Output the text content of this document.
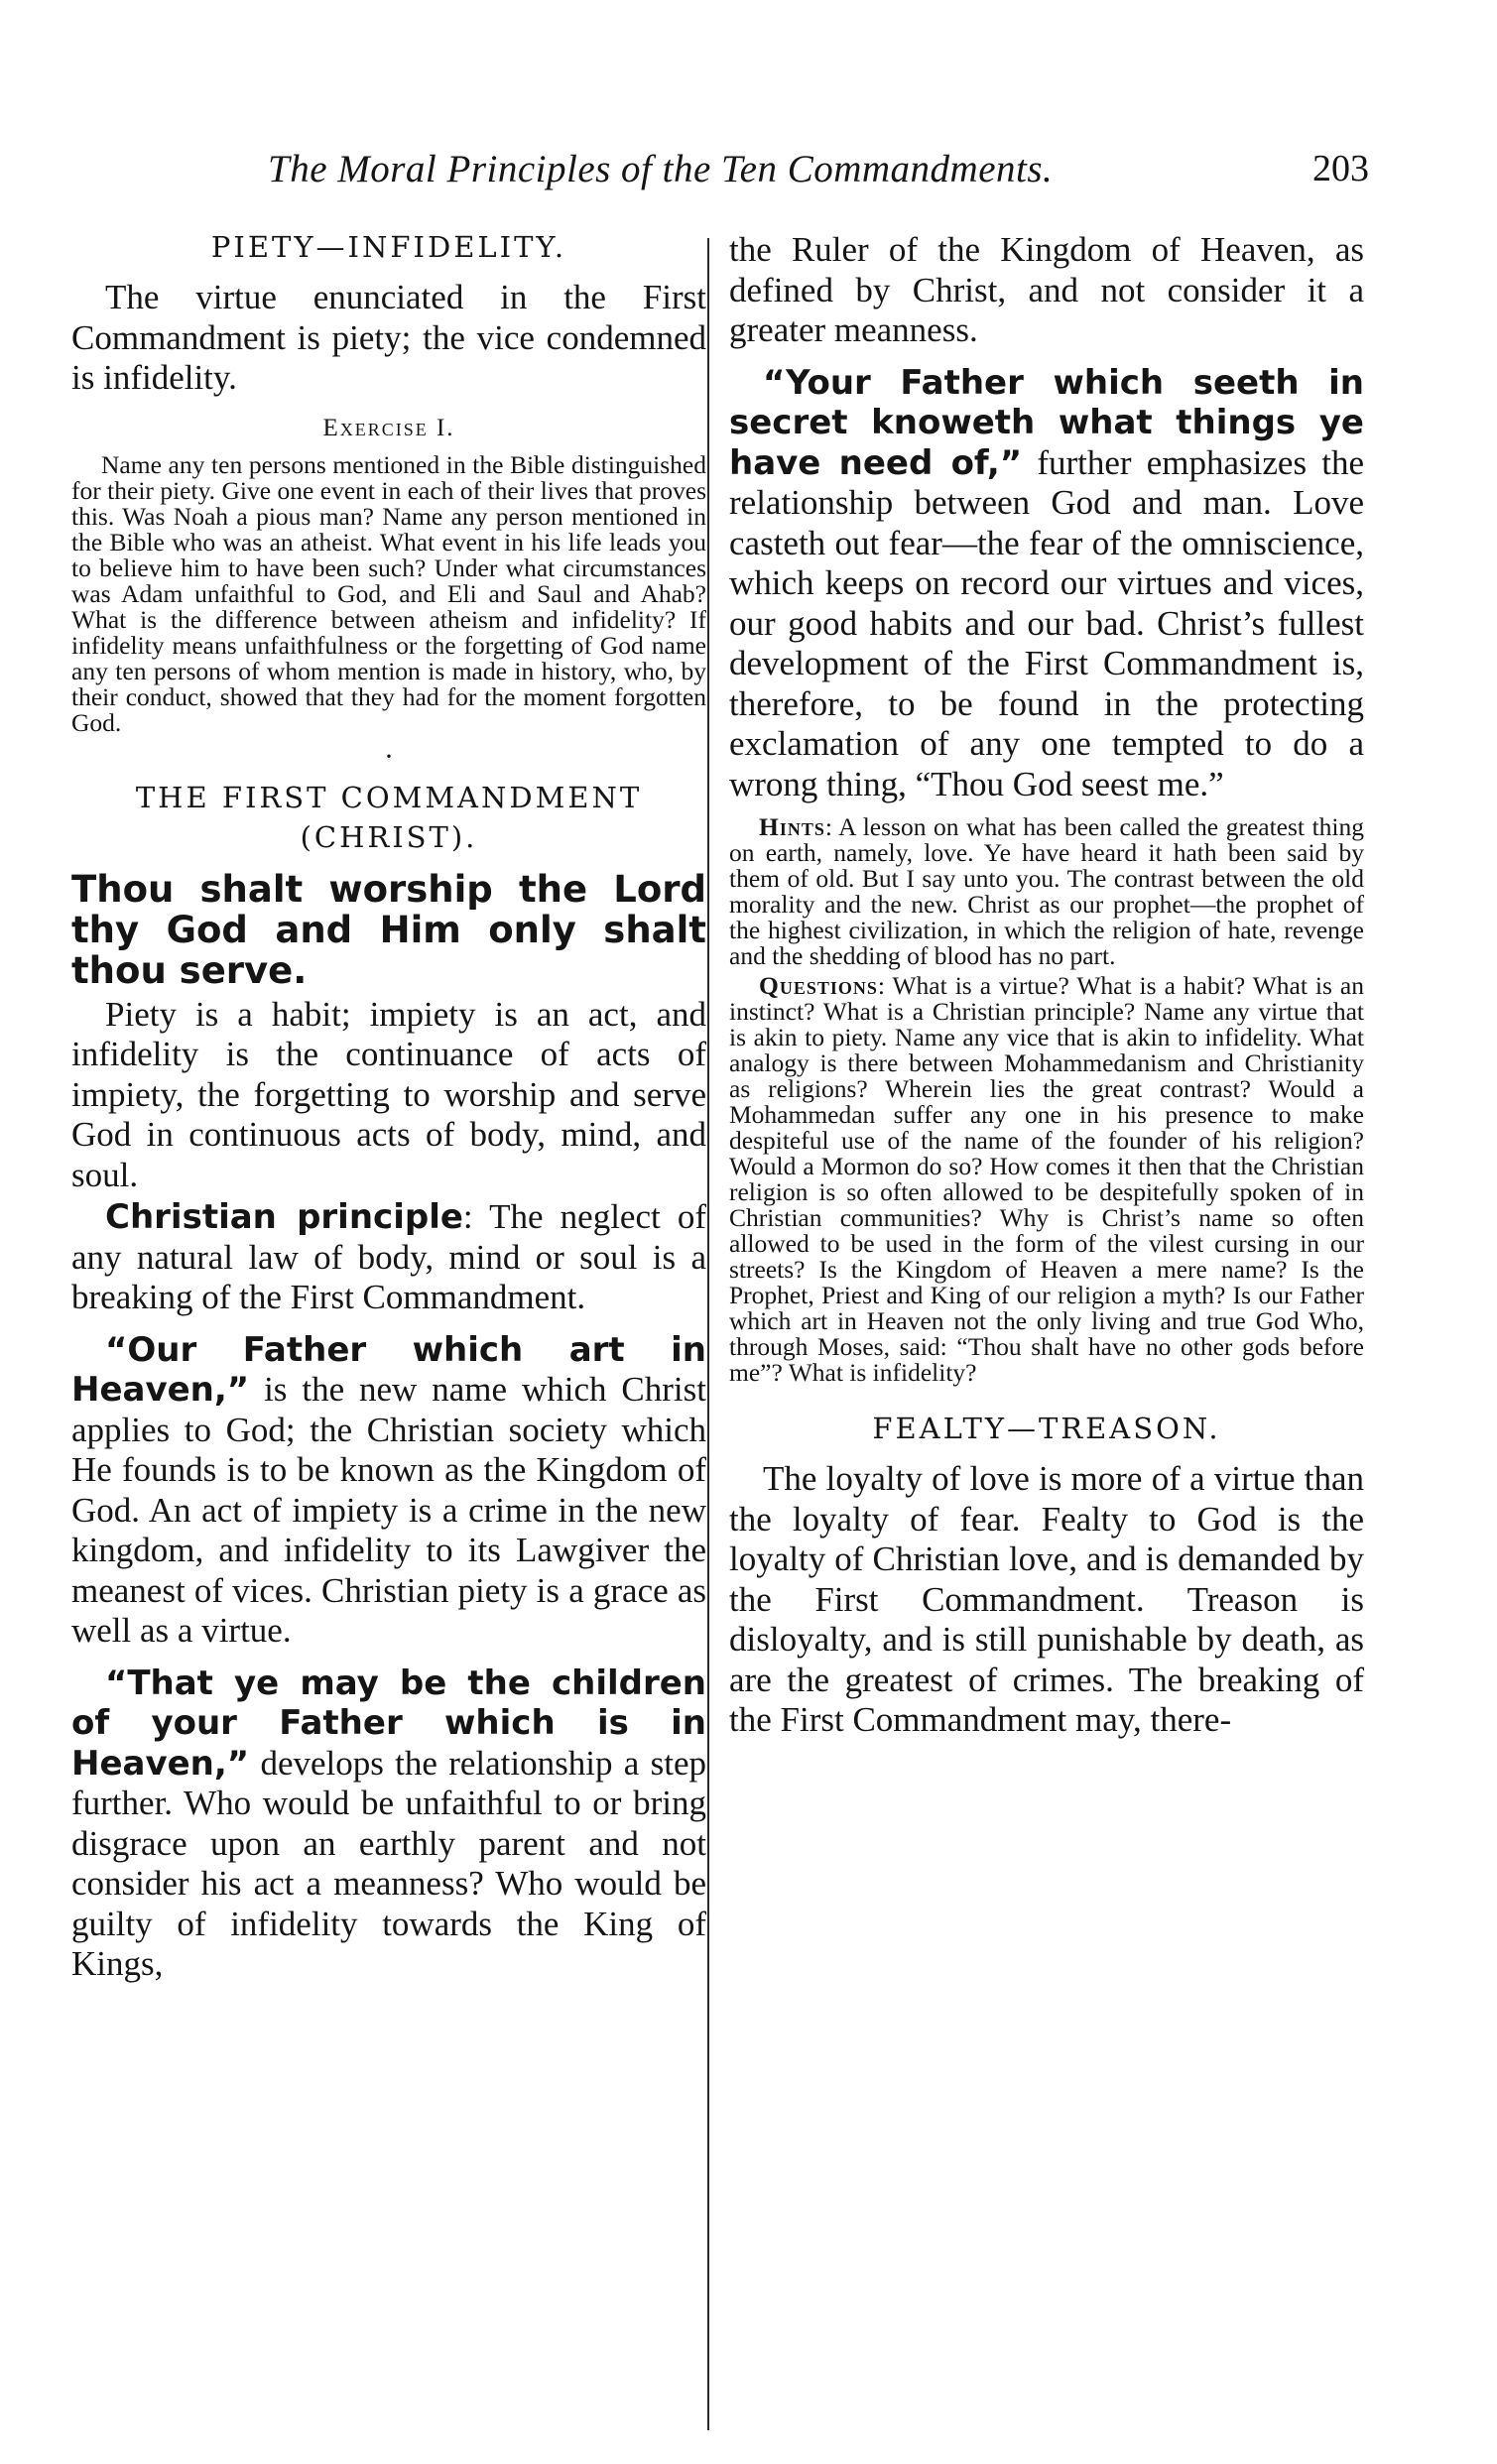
The Moral Principles of the Ten Commandments.	203
PIETY—INFIDELITY.

The virtue enunciated in the First Commandment is piety; the vice condemned is infidelity.

Exercise I.

Name any ten persons mentioned in the Bible distinguished for their piety. Give one event in each of their lives that proves this. Was Noah a pious man? Name any person mentioned in the Bible who was an atheist. What event in his life leads you to believe him to have been such? Under what circumstances was Adam unfaithful to God, and Eli and Saul and Ahab? What is the difference between atheism and infidelity? If infidelity means unfaithfulness or the forgetting of God name any ten persons of whom mention is made in history, who, by their conduct, showed that they had for the moment forgotten God.

·
THE FIRST COMMANDMENT (CHRIST).

Thou shalt worship the Lord thy God and Him only shalt thou serve.

Piety is a habit; impiety is an act, and infidelity is the continuance of acts of impiety, the forgetting to worship and serve God in continuous acts of body, mind, and soul.

Christian principle: The neglect of any natural law of body, mind or soul is a breaking of the First Commandment.

“Our Father which art in Heaven,” is the new name which Christ applies to God; the Christian society which He founds is to be known as the Kingdom of God. An act of impiety is a crime in the new kingdom, and infidelity to its Lawgiver the meanest of vices. Christian piety is a grace as well as a virtue.

“That ye may be the children of your Father which is in Heaven,” develops the relationship a step further. Who would be unfaithful to or bring disgrace upon an earthly parent and not consider his act a meanness? Who would be guilty of infidelity towards the King of Kings,

the Ruler of the Kingdom of Heaven, as defined by Christ, and not consider it a greater meanness.

“Your Father which seeth in secret knoweth what things ye have need of,” further emphasizes the relationship between God and man. Love casteth out fear—the fear of the omniscience, which keeps on record our virtues and vices, our good habits and our bad. Christ’s fullest development of the First Commandment is, therefore, to be found in the protecting exclamation of any one tempted to do a wrong thing, “Thou God seest me.”

Hints: A lesson on what has been called the greatest thing on earth, namely, love. Ye have heard it hath been said by them of old. But I say unto you. The contrast between the old morality and the new. Christ as our prophet—the prophet of the highest civilization, in which the religion of hate, revenge and the shedding of blood has no part.

Questions: What is a virtue? What is a habit? What is an instinct? What is a Christian principle? Name any virtue that is akin to piety. Name any vice that is akin to infidelity. What analogy is there between Mohammedanism and Christianity as religions? Wherein lies the great contrast? Would a Mohammedan suffer any one in his presence to make despiteful use of the name of the founder of his religion? Would a Mormon do so? How comes it then that the Christian religion is so often allowed to be despitefully spoken of in Christian communities? Why is Christ’s name so often allowed to be used in the form of the vilest cursing in our streets? Is the Kingdom of Heaven a mere name? Is the Prophet, Priest and King of our religion a myth? Is our Father which art in Heaven not the only living and true God Who, through Moses, said: “Thou shalt have no other gods before me”? What is infidelity?

FEALTY—TREASON.

The loyalty of love is more of a virtue than the loyalty of fear. Fealty to God is the loyalty of Christian love, and is demanded by the First Commandment. Treason is disloyalty, and is still punishable by death, as are the greatest of crimes. The breaking of the First Commandment may, there-
